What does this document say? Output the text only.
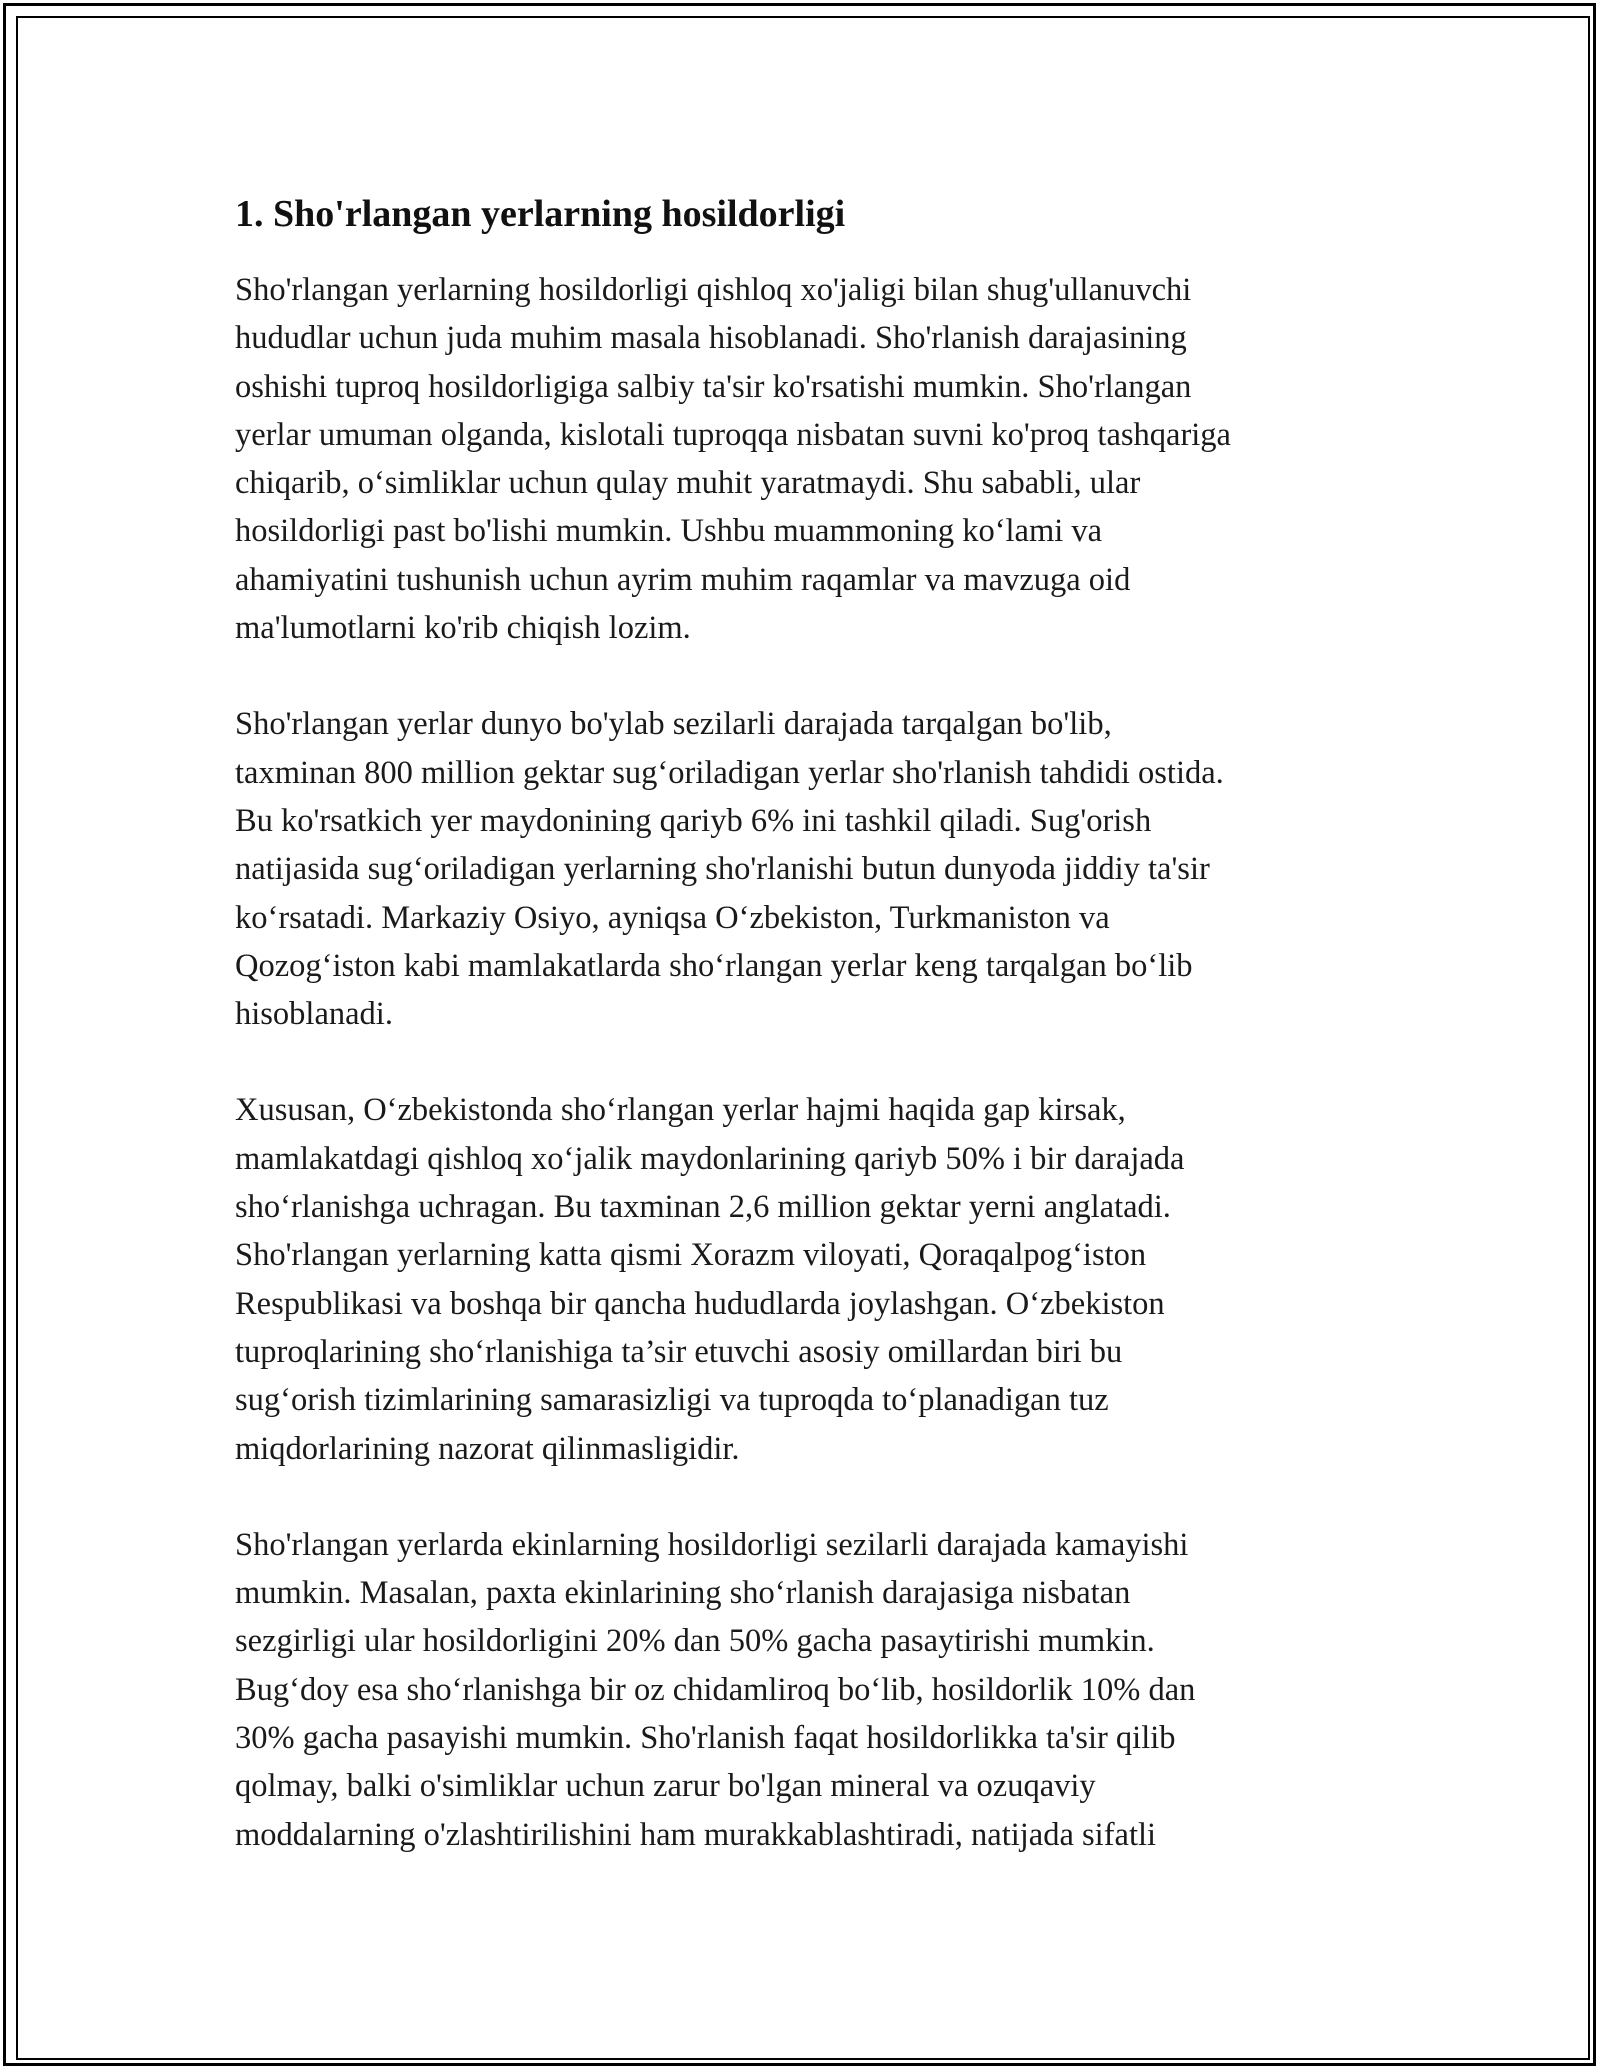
1. Sho'rlangan yerlarning hosildorligi

Sho'rlangan yerlarning hosildorligi qishloq xo'jaligi bilan shug'ullanuvchi
hududlar uchun juda muhim masala hisoblanadi. Sho'rlanish darajasining
oshishi tuproq hosildorligiga salbiy ta'sir ko'rsatishi mumkin. Sho'rlangan
yerlar umuman olganda, kislotali tuproqqa nisbatan suvni ko'proq tashqariga
chiqarib, o‘simliklar uchun qulay muhit yaratmaydi. Shu sababli, ular
hosildorligi past bo'lishi mumkin. Ushbu muammoning ko‘lami va
ahamiyatini tushunish uchun ayrim muhim raqamlar va mavzuga oid
ma'lumotlarni ko'rib chiqish lozim.

Sho'rlangan yerlar dunyo bo'ylab sezilarli darajada tarqalgan bo'lib,
taxminan 800 million gektar sug‘oriladigan yerlar sho'rlanish tahdidi ostida.
Bu ko'rsatkich yer maydonining qariyb 6% ini tashkil qiladi. Sug'orish
natijasida sug‘oriladigan yerlarning sho'rlanishi butun dunyoda jiddiy ta'sir
ko‘rsatadi. Markaziy Osiyo, ayniqsa O‘zbekiston, Turkmaniston va
Qozog‘iston kabi mamlakatlarda sho‘rlangan yerlar keng tarqalgan bo‘lib
hisoblanadi.

Xususan, O‘zbekistonda sho‘rlangan yerlar hajmi haqida gap kirsak,
mamlakatdagi qishloq xo‘jalik maydonlarining qariyb 50% i bir darajada
sho‘rlanishga uchragan. Bu taxminan 2,6 million gektar yerni anglatadi.
Sho'rlangan yerlarning katta qismi Xorazm viloyati, Qoraqalpog‘iston
Respublikasi va boshqa bir qancha hududlarda joylashgan. O‘zbekiston
tuproqlarining sho‘rlanishiga ta’sir etuvchi asosiy omillardan biri bu
sug‘orish tizimlarining samarasizligi va tuproqda to‘planadigan tuz
miqdorlarining nazorat qilinmasligidir.

Sho'rlangan yerlarda ekinlarning hosildorligi sezilarli darajada kamayishi
mumkin. Masalan, paxta ekinlarining sho‘rlanish darajasiga nisbatan
sezgirligi ular hosildorligini 20% dan 50% gacha pasaytirishi mumkin.
Bug‘doy esa sho‘rlanishga bir oz chidamliroq bo‘lib, hosildorlik 10% dan
30% gacha pasayishi mumkin. Sho'rlanish faqat hosildorlikka ta'sir qilib
qolmay, balki o'simliklar uchun zarur bo'lgan mineral va ozuqaviy
moddalarning o'zlashtirilishini ham murakkablashtiradi, natijada sifatli
